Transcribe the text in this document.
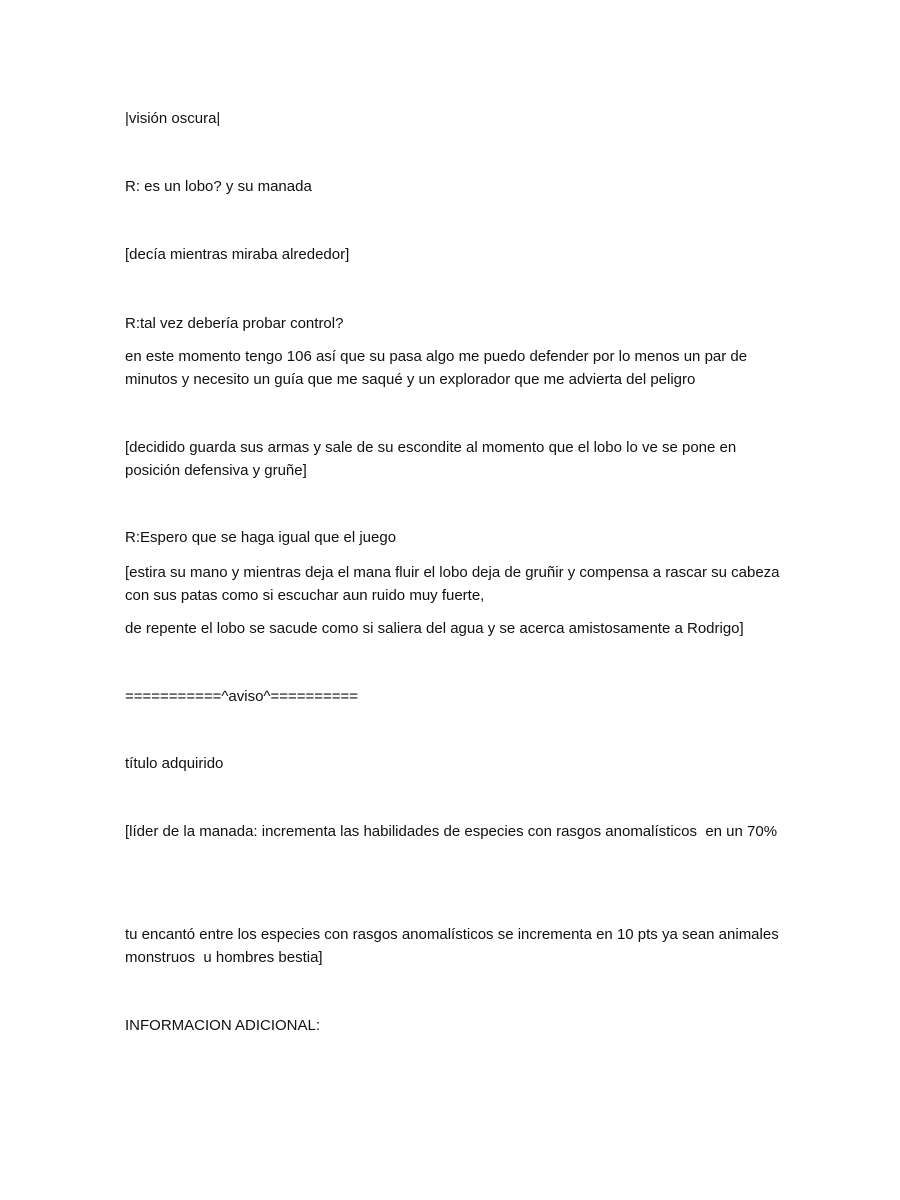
|visión oscura|

R: es un lobo? y su manada

[decía mientras miraba alrededor]

R:tal vez debería probar control?

en este momento tengo 106 así que su pasa algo me puedo defender por lo menos un par de minutos y necesito un guía que me saqué y un explorador que me advierta del peligro

[decidido guarda sus armas y sale de su escondite al momento que el lobo lo ve se pone en posición defensiva y gruñe]

R:Espero que se haga igual que el juego

[estira su mano y mientras deja el mana fluir el lobo deja de gruñir y compensa a rascar su cabeza con sus patas como si escuchar aun ruido muy fuerte,

de repente el lobo se sacude como si saliera del agua y se acerca amistosamente a Rodrigo]

===========^aviso^==========

título adquirido

[líder de la manada: incrementa las habilidades de especies con rasgos anomalísticos  en un 70%

tu encantó entre los especies con rasgos anomalísticos se incrementa en 10 pts ya sean animales monstruos  u hombres bestia]

INFORMACION ADICIONAL:
